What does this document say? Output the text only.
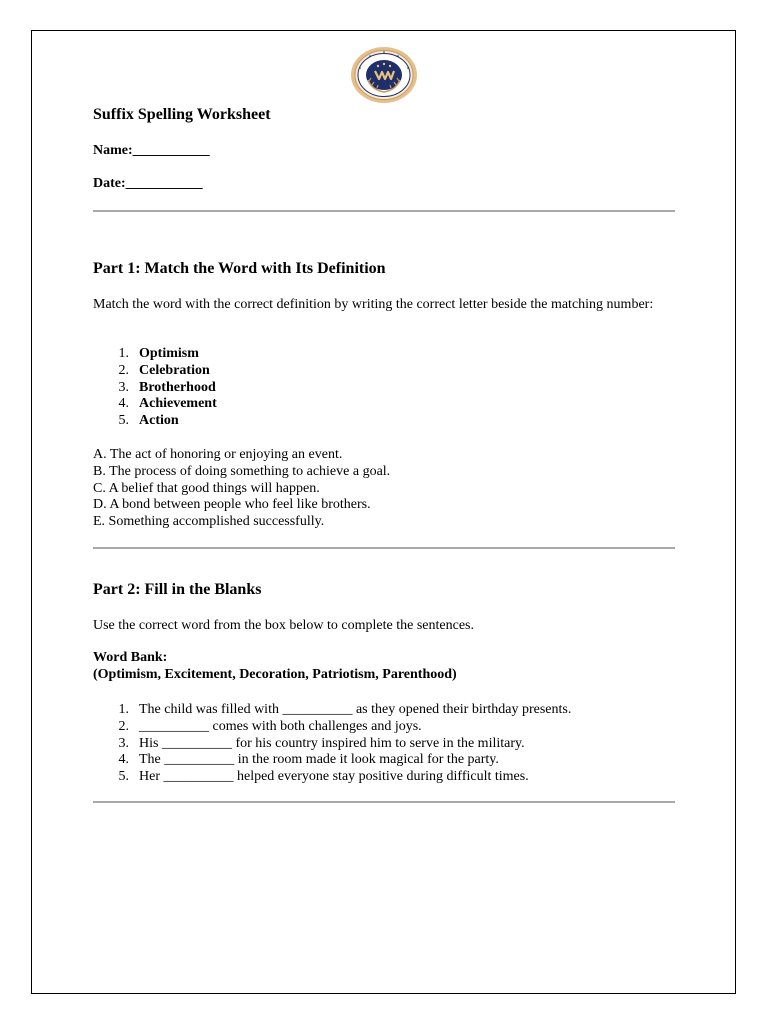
Suffix Spelling Worksheet
Name:___________
Date:___________
Part 1: Match the Word with Its Definition
Match the word with the correct definition by writing the correct letter beside the matching number:
1. Optimism
2. Celebration
3. Brotherhood
4. Achievement
5. Action
A. The act of honoring or enjoying an event.
B. The process of doing something to achieve a goal.
C. A belief that good things will happen.
D. A bond between people who feel like brothers.
E. Something accomplished successfully.
Part 2: Fill in the Blanks
Use the correct word from the box below to complete the sentences.
Word Bank:
(Optimism, Excitement, Decoration, Patriotism, Parenthood)
1. The child was filled with __________ as they opened their birthday presents.
2. __________ comes with both challenges and joys.
3. His __________ for his country inspired him to serve in the military.
4. The __________ in the room made it look magical for the party.
5. Her __________ helped everyone stay positive during difficult times.
